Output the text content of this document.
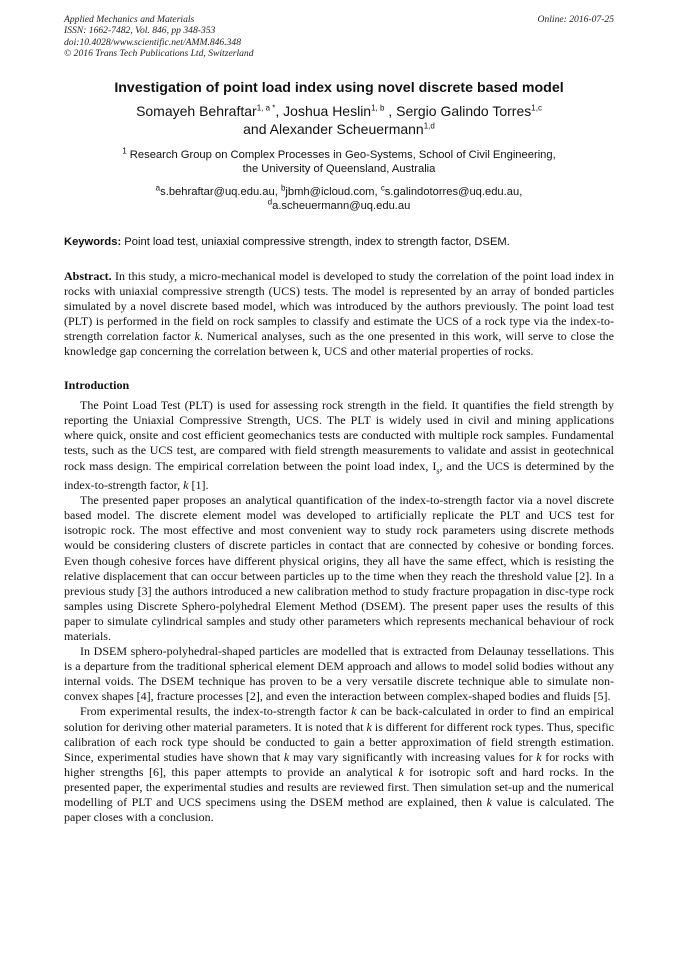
Applied Mechanics and Materials
ISSN: 1662-7482, Vol. 846, pp 348-353
doi:10.4028/www.scientific.net/AMM.846.348
© 2016 Trans Tech Publications Ltd, Switzerland
Online: 2016-07-25
Investigation of point load index using novel discrete based model
Somayeh Behraftar$^{1, a *}$, Joshua Heslin$^{1, b}$ , Sergio Galindo Torres$^{1,c}$
and Alexander Scheuermann$^{1,d}$
$^1$ Research Group on Complex Processes in Geo-Systems, School of Civil Engineering,
the University of Queensland, Australia
$^a$s.behraftar@uq.edu.au, $^b$jbmh@icloud.com, $^c$s.galindotorres@uq.edu.au,
$^d$a.scheuermann@uq.edu.au
Keywords: Point load test, uniaxial compressive strength, index to strength factor, DSEM.

Abstract. In this study, a micro-mechanical model is developed to study the correlation of the point load index in rocks with uniaxial compressive strength (UCS) tests. The model is represented by an array of bonded particles simulated by a novel discrete based model, which was introduced by the authors previously. The point load test (PLT) is performed in the field on rock samples to classify and estimate the UCS of a rock type via the index-to-strength correlation factor k. Numerical analyses, such as the one presented in this work, will serve to close the knowledge gap concerning the correlation between k, UCS and other material properties of rocks.

Introduction

The Point Load Test (PLT) is used for assessing rock strength in the field. It quantifies the field strength by reporting the Uniaxial Compressive Strength, UCS. The PLT is widely used in civil and mining applications where quick, onsite and cost efficient geomechanics tests are conducted with multiple rock samples. Fundamental tests, such as the UCS test, are compared with field strength measurements to validate and assist in geotechnical rock mass design. The empirical correlation between the point load index, $I_s$, and the UCS is determined by the index-to-strength factor, k [1].

The presented paper proposes an analytical quantification of the index-to-strength factor via a novel discrete based model. The discrete element model was developed to artificially replicate the PLT and UCS test for isotropic rock. The most effective and most convenient way to study rock parameters using discrete methods would be considering clusters of discrete particles in contact that are connected by cohesive or bonding forces. Even though cohesive forces have different physical origins, they all have the same effect, which is resisting the relative displacement that can occur between particles up to the time when they reach the threshold value [2]. In a previous study [3] the authors introduced a new calibration method to study fracture propagation in disc-type rock samples using Discrete Sphero-polyhedral Element Method (DSEM). The present paper uses the results of this paper to simulate cylindrical samples and study other parameters which represents mechanical behaviour of rock materials.

In DSEM sphero-polyhedral-shaped particles are modelled that is extracted from Delaunay tessellations. This is a departure from the traditional spherical element DEM approach and allows to model solid bodies without any internal voids. The DSEM technique has proven to be a very versatile discrete technique able to simulate non-convex shapes [4], fracture processes [2], and even the interaction between complex-shaped bodies and fluids [5].

From experimental results, the index-to-strength factor k can be back-calculated in order to find an empirical solution for deriving other material parameters. It is noted that k is different for different rock types. Thus, specific calibration of each rock type should be conducted to gain a better approximation of field strength estimation. Since, experimental studies have shown that k may vary significantly with increasing values for k for rocks with higher strengths [6], this paper attempts to provide an analytical k for isotropic soft and hard rocks. In the presented paper, the experimental studies and results are reviewed first. Then simulation set-up and the numerical modelling of PLT and UCS specimens using the DSEM method are explained, then k value is calculated. The paper closes with a conclusion.
